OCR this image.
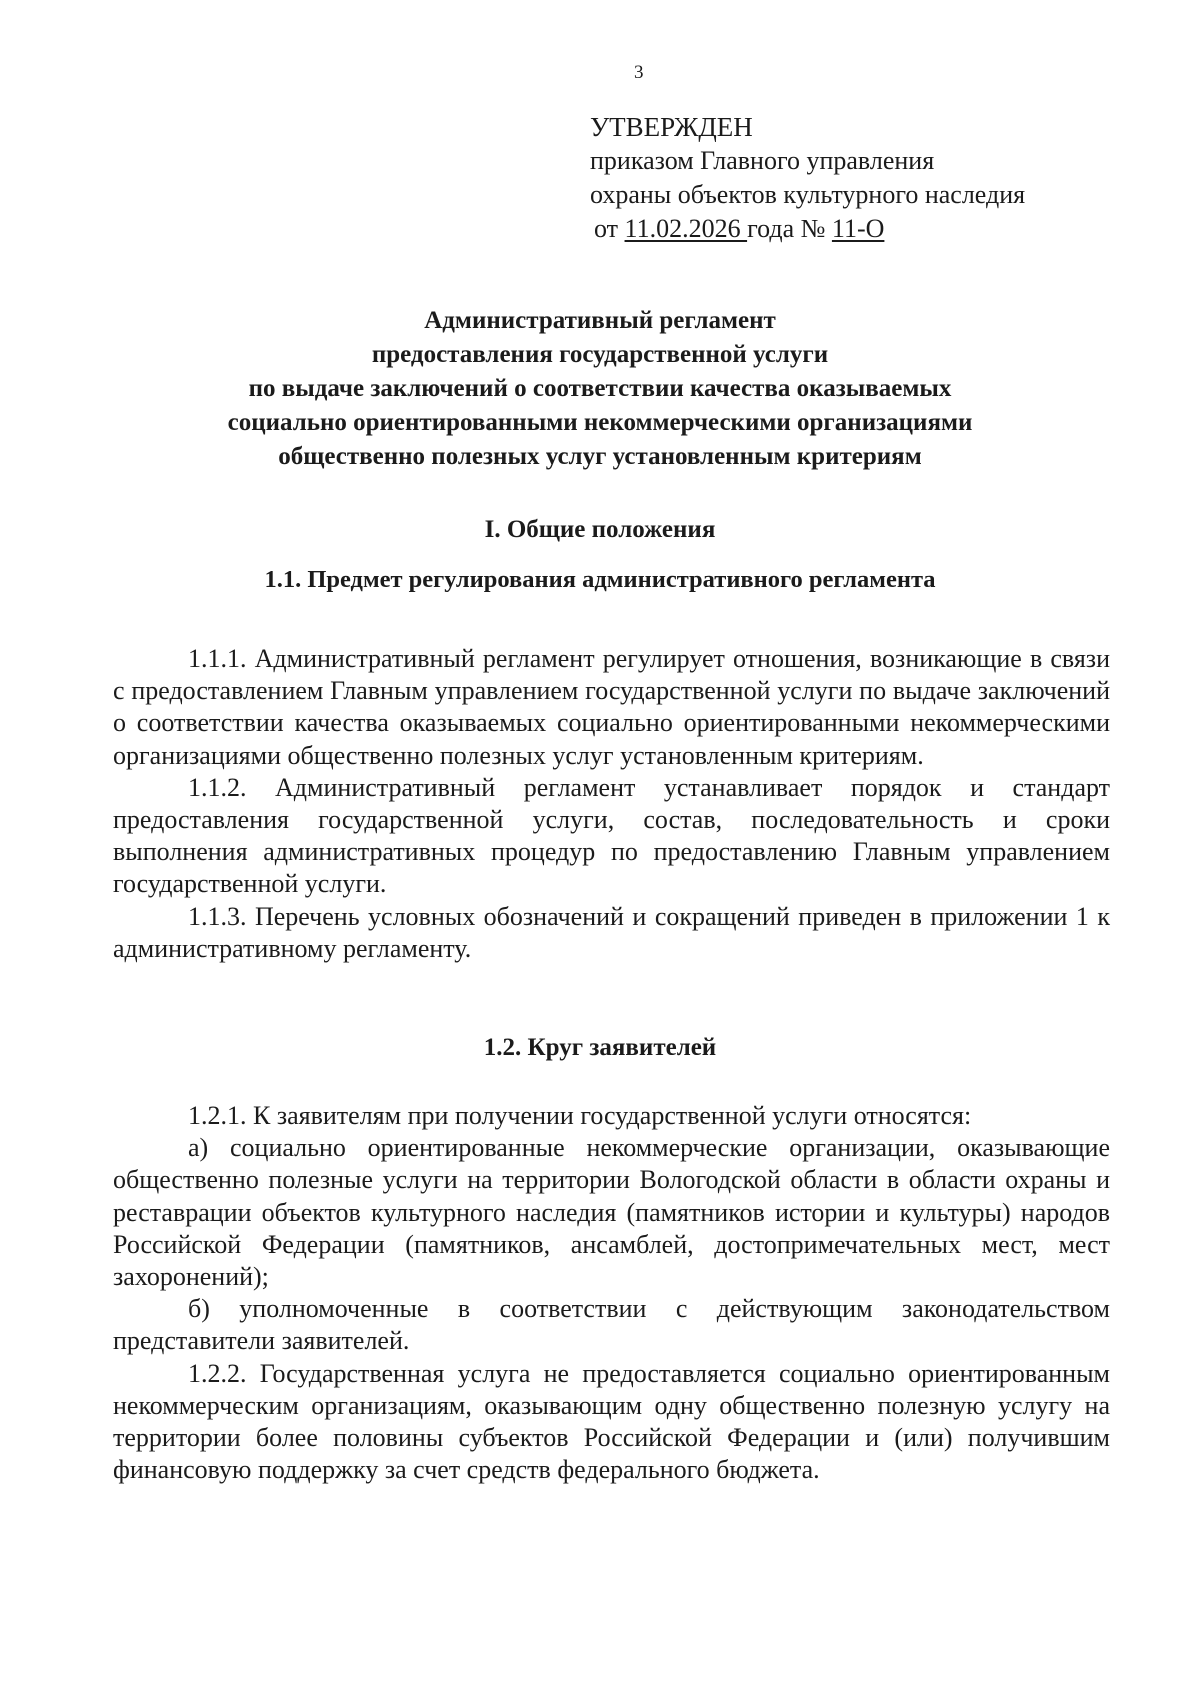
3
УТВЕРЖДЕН
приказом Главного управления
охраны объектов культурного наследия
от 11.02.2026 года № 11-О
Административный регламент
предоставления государственной услуги
по выдаче заключений о соответствии качества оказываемых
социально ориентированными некоммерческими организациями
общественно полезных услуг установленным критериям
I. Общие положения
1.1. Предмет регулирования административного регламента

1.1.1. Административный регламент регулирует отношения, возникающие в связи с предоставлением Главным управлением государственной услуги по выдаче заключений о соответствии качества оказываемых социально ориентированными некоммерческими организациями общественно полезных услуг установленным критериям.

1.1.2. Административный регламент устанавливает порядок и стандарт предоставления государственной услуги, состав, последовательность и сроки выполнения административных процедур по предоставлению Главным управлением государственной услуги.

1.1.3. Перечень условных обозначений и сокращений приведен в приложении 1 к административному регламенту.

1.2. Круг заявителей

1.2.1. К заявителям при получении государственной услуги относятся:

а) социально ориентированные некоммерческие организации, оказывающие общественно полезные услуги на территории Вологодской области в области охраны и реставрации объектов культурного наследия (памятников истории и культуры) народов Российской Федерации (памятников, ансамблей, достопримечательных мест, мест захоронений);

б) уполномоченные в соответствии с действующим законодательством представители заявителей.

1.2.2. Государственная услуга не предоставляется социально ориентированным некоммерческим организациям, оказывающим одну общественно полезную услугу на территории более половины субъектов Российской Федерации и (или) получившим финансовую поддержку за счет средств федерального бюджета.
